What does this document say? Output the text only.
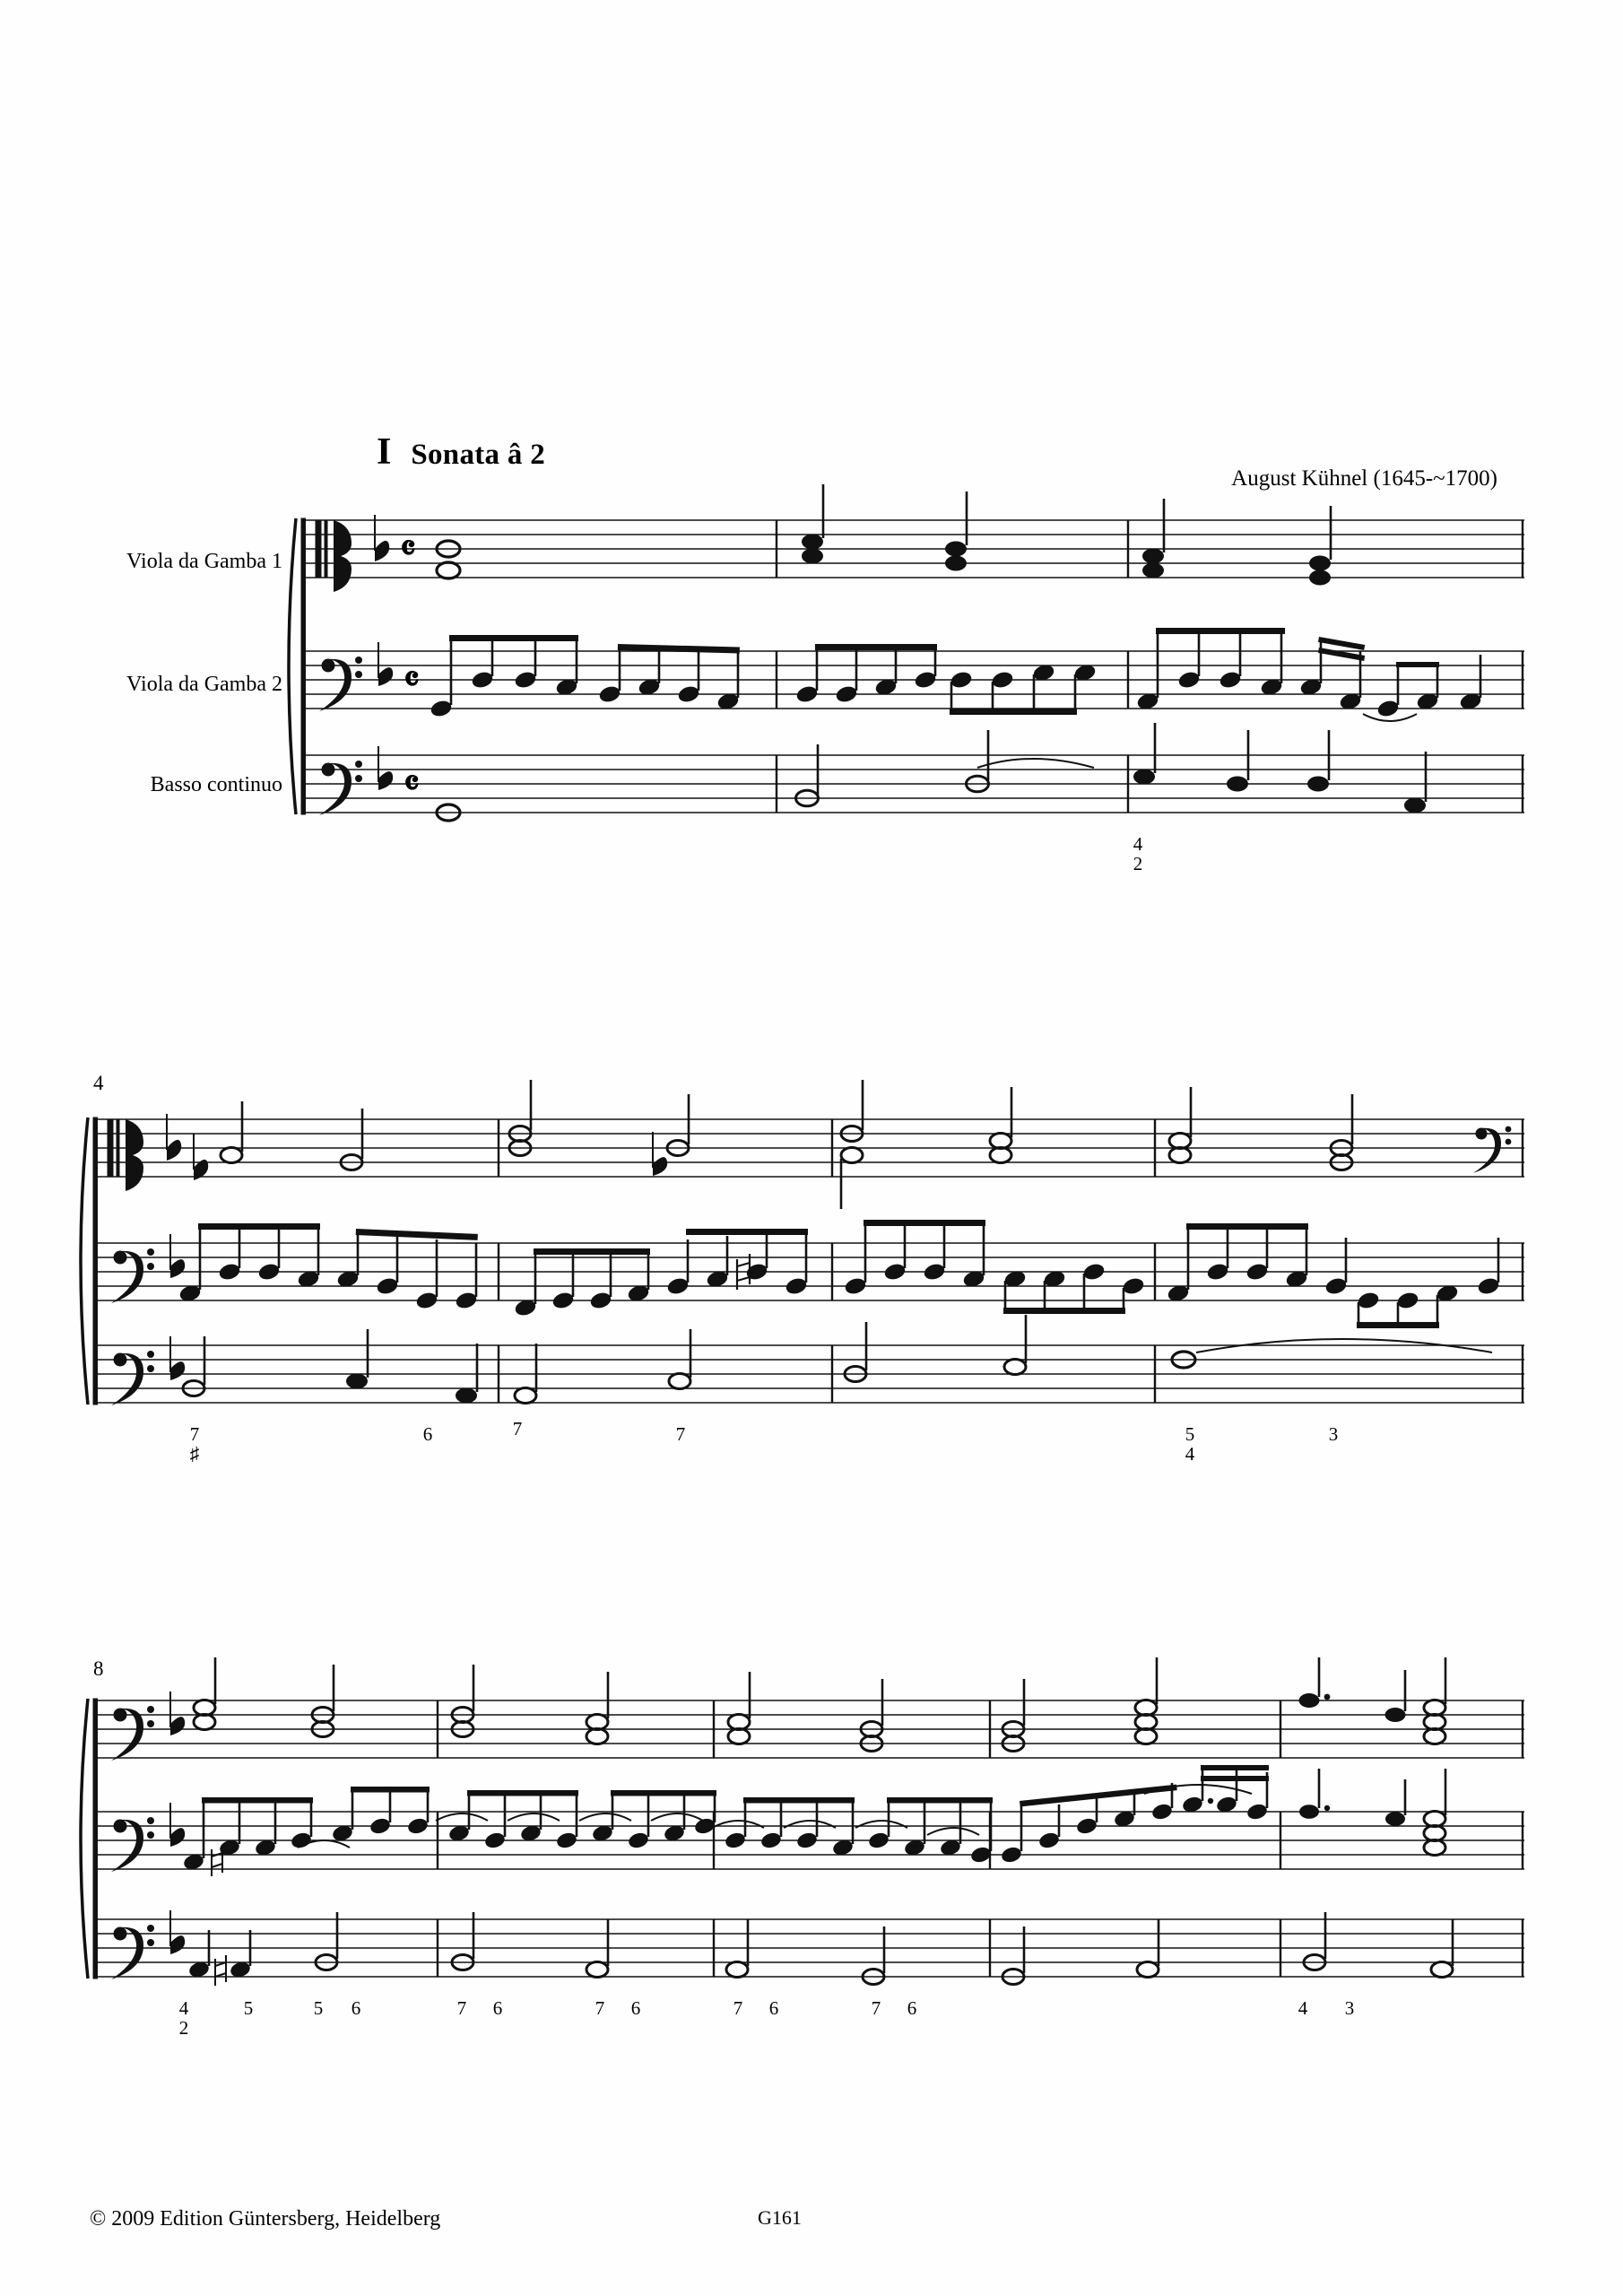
I Sonata â 2
August Kühnel (1645-~1700)
Viola da Gamba 1
Viola da Gamba 2
Basso continuo
𝄴
𝄴
𝄴
4
2
4
7
♯
6	7	7	5
4
3
8
4
2
5	5	6	7	6	7	6	7	6	7	6	4	3
© 2009 Edition Güntersberg, Heidelberg	G161
